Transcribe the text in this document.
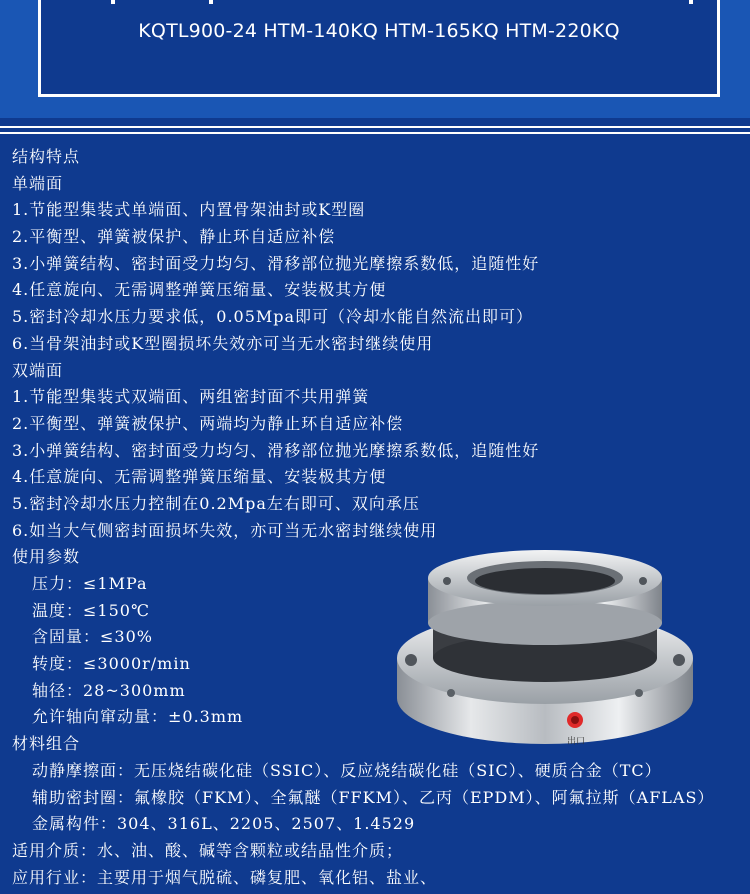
KQTL900-24 HTM-140KQ HTM-165KQ HTM-220KQ
结构特点
单端面
1.节能型集装式单端面、内置骨架油封或K型圈
2.平衡型、弹簧被保护、静止环自适应补偿
3.小弹簧结构、密封面受力均匀、滑移部位抛光摩擦系数低，追随性好
4.任意旋向、无需调整弹簧压缩量、安装极其方便
5.密封冷却水压力要求低，0.05Mpa即可（冷却水能自然流出即可）
6.当骨架油封或K型圈损坏失效亦可当无水密封继续使用
双端面
1.节能型集装式双端面、两组密封面不共用弹簧
2.平衡型、弹簧被保护、两端均为静止环自适应补偿
3.小弹簧结构、密封面受力均匀、滑移部位抛光摩擦系数低，追随性好
4.任意旋向、无需调整弹簧压缩量、安装极其方便
5.密封冷却水压力控制在0.2Mpa左右即可、双向承压
6.如当大气侧密封面损坏失效，亦可当无水密封继续使用
使用参数
压力：≤1MPa
温度：≤150℃
含固量：≤30%
转度：≤3000r/min
轴径：28~300mm
允许轴向窜动量：±0.3mm
材料组合
动静摩擦面：无压烧结碳化硅（SSIC）、反应烧结碳化硅（SIC）、硬质合金（TC）
辅助密封圈：氟橡胶（FKM）、全氟醚（FFKM）、乙丙（EPDM）、阿氟拉斯（AFLAS）
金属构件：304、316L、2205、2507、1.4529
适用介质：水、油、酸、碱等含颗粒或结晶性介质；
应用行业：主要用于烟气脱硫、磷复肥、氧化铝、盐业、
出口
